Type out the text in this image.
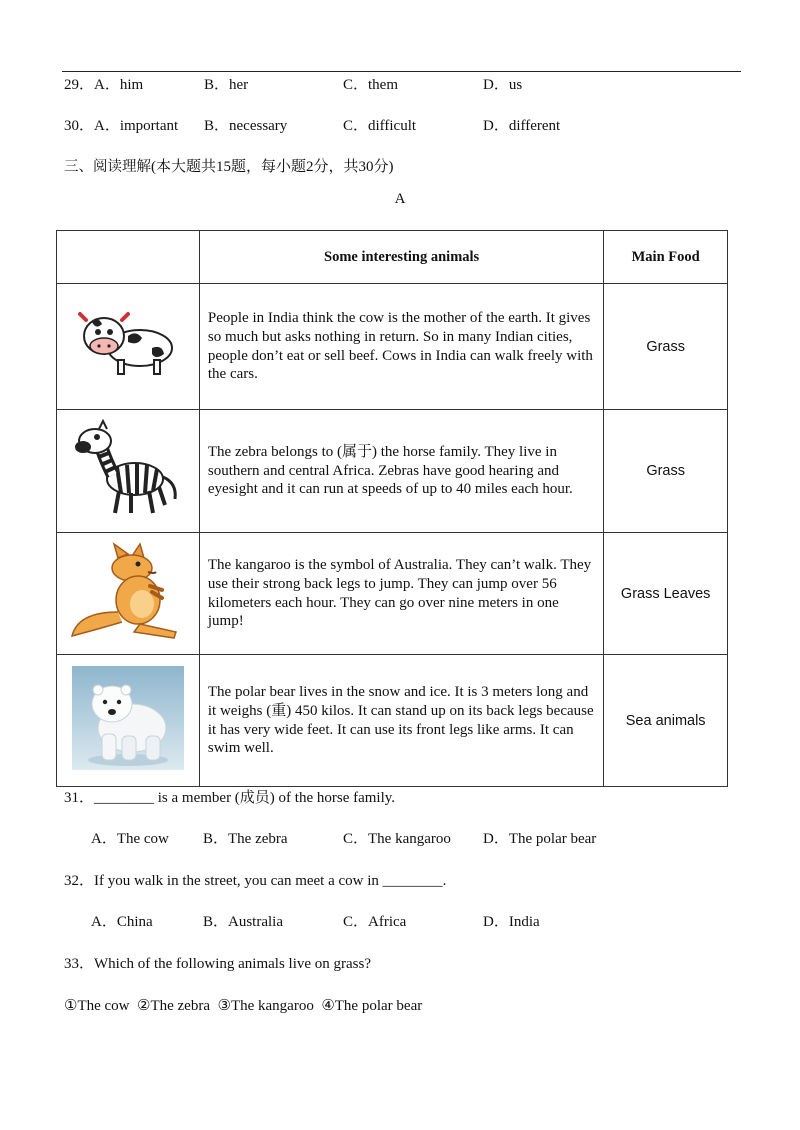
29．A．him	B．her	C．them	D．us
30．A．important B．necessary	C．difficult	D．different
三、阅读理解(本大题共15题，每小题2分，共30分)
A
	Some interesting animals	Main Food
	People in India think the cow is the mother of the earth. It gives so much but asks nothing in return. So in many Indian cities, people don’t eat or sell beef. Cows in India can walk freely with the cars.	Grass
	The zebra belongs to (属于) the horse family. They live in southern and central Africa. Zebras have good hearing and eyesight and it can run at speeds of up to 40 miles each hour.	Grass
	The kangaroo is the symbol of Australia. They can’t walk. They use their strong back legs to jump. They can jump over 56 kilometers each hour. They can go over nine meters in one jump!	Grass Leaves
	The polar bear lives in the snow and ice. It is 3 meters long and it weighs (重) 450 kilos. It can stand up on its back legs because it has very wide feet. It can use its front legs like arms. It can swim well.	Sea animals
31．________ is a member (成员) of the horse family.
A．The cow B．The zebra	C．The kangaroo D．The polar bear
32．If you walk in the street, you can meet a cow in ________.
A．China	B．Australia	C．Africa	D．India
33．Which of the following animals live on grass?
①The cow  ②The zebra  ③The kangaroo  ④The polar bear
